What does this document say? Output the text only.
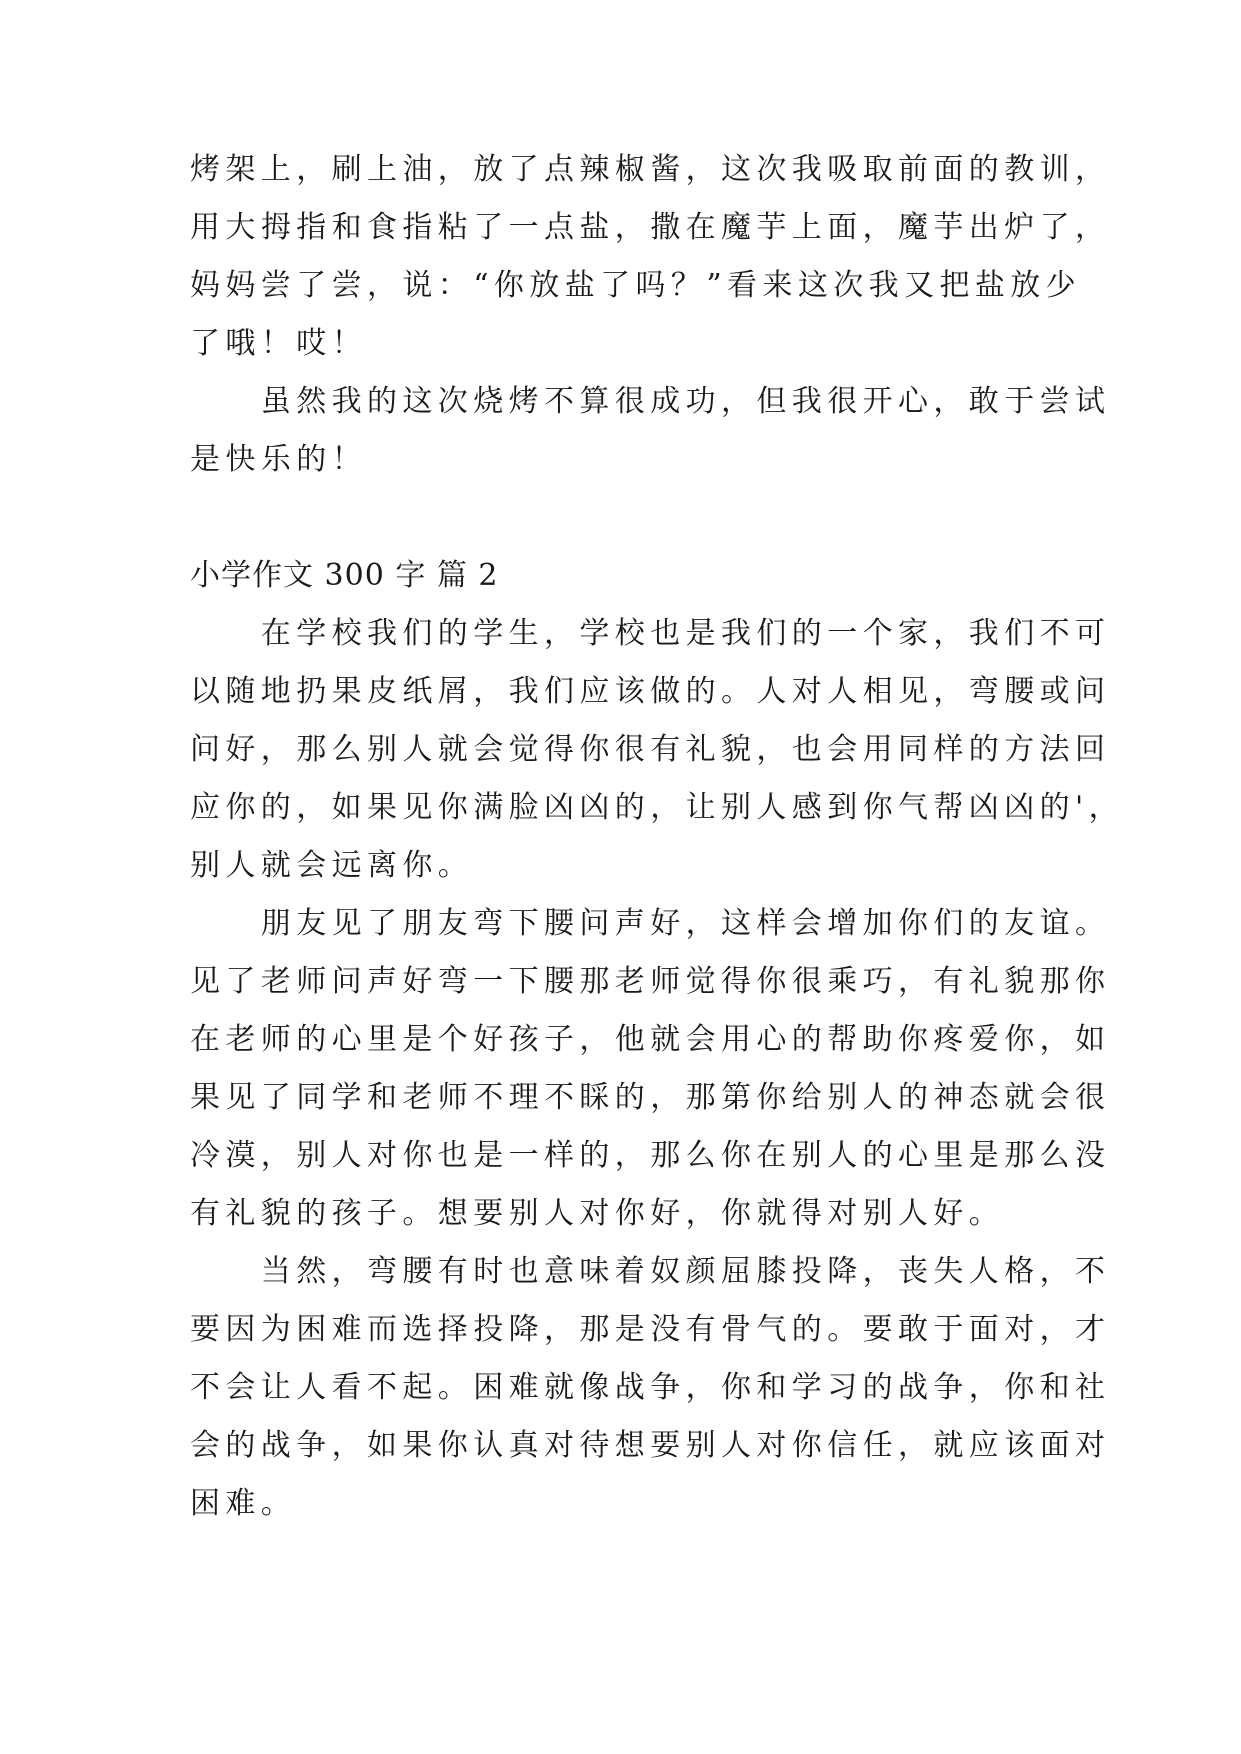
烤架上，刷上油，放了点辣椒酱，这次我吸取前面的教训，
用大拇指和食指粘了一点盐，撒在魔芋上面，魔芋出炉了，
妈妈尝了尝，说：“你放盐了吗？”看来这次我又把盐放少
了哦！哎！
　　虽然我的这次烧烤不算很成功，但我很开心，敢于尝试
是快乐的！
小学作文 300 字 篇 2
　　在学校我们的学生，学校也是我们的一个家，我们不可
以随地扔果皮纸屑，我们应该做的。人对人相见，弯腰或问
问好，那么别人就会觉得你很有礼貌，也会用同样的方法回
应你的，如果见你满脸凶凶的，让别人感到你气帮凶凶的'，
别人就会远离你。
　　朋友见了朋友弯下腰问声好，这样会增加你们的友谊。
见了老师问声好弯一下腰那老师觉得你很乘巧，有礼貌那你
在老师的心里是个好孩子，他就会用心的帮助你疼爱你，如
果见了同学和老师不理不睬的，那第你给别人的神态就会很
冷漠，别人对你也是一样的，那么你在别人的心里是那么没
有礼貌的孩子。想要别人对你好，你就得对别人好。
　　当然，弯腰有时也意味着奴颜屈膝投降，丧失人格，不
要因为困难而选择投降，那是没有骨气的。要敢于面对，才
不会让人看不起。困难就像战争，你和学习的战争，你和社
会的战争，如果你认真对待想要别人对你信任，就应该面对
困难。
